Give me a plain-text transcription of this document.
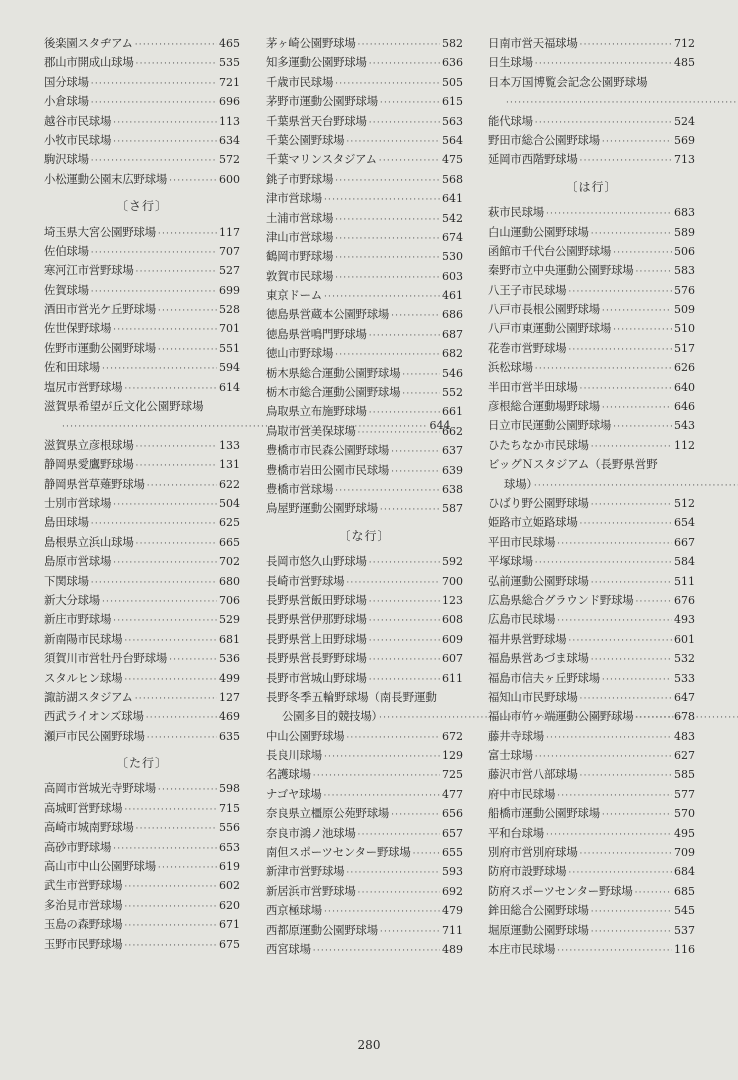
後楽園スタヂアム ·····	465
郡山市開成山球場 ·····	535
国分球場 ·····	721
小倉球場 ·····	696
越谷市民球場 ·····	113
小牧市民球場 ·····	634
駒沢球場 ·····	572
小松運動公園末広野球場 ·····	600
〔さ行〕
埼玉県大宮公園野球場 ·····	117
佐伯球場 ·····	707
寒河江市営野球場 ·····	527
佐賀球場 ·····	699
酒田市営光ケ丘野球場 ·····	528
佐世保野球場 ·····	701
佐野市運動公園野球場 ·····	551
佐和田球場 ·····	594
塩尻市営野球場 ·····	614
滋賀県希望が丘文化公園野球場
·····644
滋賀県立彦根球場 ·····	133
静岡県愛鷹野球場 ·····	131
静岡県営草薙野球場 ·····	622
士別市営球場 ·····	504
島田球場 ·····	625
島根県立浜山球場 ·····	665
島原市営球場 ·····	702
下関球場 ·····	680
新大分球場 ·····	706
新庄市野球場 ·····	529
新南陽市民球場 ·····	681
須賀川市営牡丹台野球場 ·····	536
スタルヒン球場 ·····	499
諏訪湖スタジアム ·····	127
西武ライオンズ球場 ·····	469
瀬戸市民公園野球場 ·····	635
〔た行〕
高岡市営城光寺野球場 ·····	598
高城町営野球場 ·····	715
高崎市城南野球場 ·····	556
高砂市野球場 ·····	653
高山市中山公園野球場 ·····	619
武生市営野球場 ·····	602
多治見市営球場 ·····	620
玉島の森野球場 ·····	671
玉野市民野球場 ·····	675
茅ヶ崎公園野球場 ·····	582
知多運動公園野球場 ·····	636
千歳市民球場 ·····	505
茅野市運動公園野球場 ·····	615
千葉県営天台野球場 ·····	563
千葉公園野球場 ·····	564
千葉マリンスタジアム ·····	475
銚子市野球場 ·····	568
津市営球場 ·····	641
土浦市営球場 ·····	542
津山市営球場 ·····	674
鶴岡市野球場 ·····	530
敦賀市民球場 ·····	603
東京ドーム ·····	461
徳島県営蔵本公園野球場 ·····	686
徳島県営鳴門野球場 ·····	687
徳山市野球場 ·····	682
栃木県総合運動公園野球場 ·····	546
栃木市総合運動公園野球場 ·····	552
鳥取県立布施野球場 ·····	661
鳥取市営美保球場 ·····	662
豊橋市市民森公園野球場 ·····	637
豊橋市岩田公園市民球場 ·····	639
豊橋市営球場 ·····	638
鳥屋野運動公園野球場 ·····	587
〔な行〕
長岡市悠久山野球場 ·····	592
長崎市営野球場 ·····	700
長野県営飯田野球場 ·····	123
長野県営伊那野球場 ·····	608
長野県営上田野球場 ·····	609
長野県営長野野球場 ·····	607
長野市営城山野球場 ·····	611
長野冬季五輪野球場（南長野運動
公園多目的競技場） ·····
中山公園野球場 ·····	672
長良川球場 ·····	129
名護球場 ·····	725
ナゴヤ球場 ·····	477
奈良県立橿原公苑野球場 ·····	656
奈良市鴻ノ池球場 ·····	657
南但スポーツセンター野球場 ·····	655
新津市営野球場 ·····	593
新居浜市営野球場 ·····	692
西京極球場 ·····	479
西都原運動公園野球場 ·····	711
西宮球場 ·····	489
日南市営天福球場 ·····	712
日生球場 ·····	485
日本万国博覧会記念公園野球場
·····
能代球場 ·····	524
野田市総合公園野球場 ·····	569
延岡市西階野球場 ·····	713
〔は行〕
萩市民球場 ·····	683
白山運動公園野球場 ·····	589
函館市千代台公園野球場 ·····	506
秦野市立中央運動公園野球場 ·····	583
八王子市民球場 ·····	576
八戸市長根公園野球場 ·····	509
八戸市東運動公園野球場 ·····	510
花巻市営野球場 ·····	517
浜松球場 ·····	626
半田市営半田球場 ·····	640
彦根総合運動場野球場 ·····	646
日立市民運動公園野球場 ·····	543
ひたちなか市民球場 ·····	112
ビッグＮスタジアム（長野県営野
球場） ·····
ひばり野公園野球場 ·····	512
姫路市立姫路球場 ·····	654
平田市民球場 ·····	667
平塚球場 ·····	584
弘前運動公園野球場 ·····	511
広島県総合グラウンド野球場 ·····	676
広島市民球場 ·····	493
福井県営野球場 ·····	601
福島県営あづま球場 ·····	532
福島市信夫ヶ丘野球場 ·····	533
福知山市民野球場 ·····	647
福山市竹ヶ端運動公園野球場 ·····	678
藤井寺球場 ·····	483
富士球場 ·····	627
藤沢市営八部球場 ·····	585
府中市民球場 ·····	577
船橋市運動公園野球場 ·····	570
平和台球場 ·····	495
別府市営別府球場 ·····	709
防府市設野球場 ·····	684
防府スポーツセンター野球場 ·····	685
鉾田総合公園野球場 ·····	545
堀原運動公園野球場 ·····	537
本庄市民球場 ·····	116
280
